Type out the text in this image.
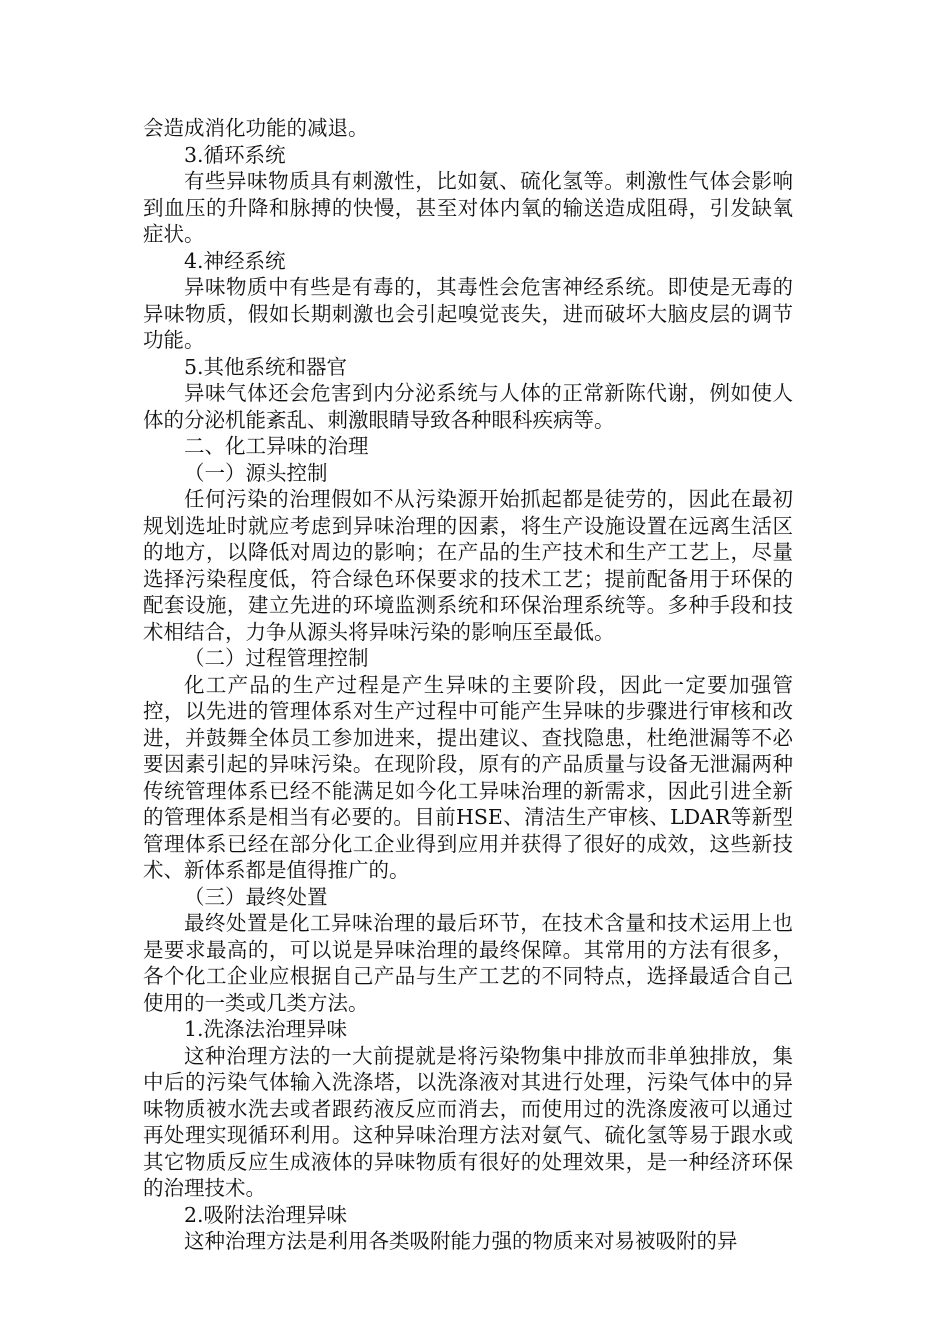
会造成消化功能的减退。

3.循环系统

有些异味物质具有刺激性，比如氨、硫化氢等。刺激性气体会影响到血压的升降和脉搏的快慢，甚至对体内氧的输送造成阻碍，引发缺氧症状。

4.神经系统

异味物质中有些是有毒的，其毒性会危害神经系统。即使是无毒的异味物质，假如长期刺激也会引起嗅觉丧失，进而破坏大脑皮层的调节功能。

5.其他系统和器官

异味气体还会危害到内分泌系统与人体的正常新陈代谢，例如使人体的分泌机能紊乱、刺激眼睛导致各种眼科疾病等。

二、化工异味的治理

（一）源头控制

任何污染的治理假如不从污染源开始抓起都是徒劳的，因此在最初规划选址时就应考虑到异味治理的因素，将生产设施设置在远离生活区的地方，以降低对周边的影响；在产品的生产技术和生产工艺上，尽量选择污染程度低，符合绿色环保要求的技术工艺；提前配备用于环保的配套设施，建立先进的环境监测系统和环保治理系统等。多种手段和技术相结合，力争从源头将异味污染的影响压至最低。

（二）过程管理控制

化工产品的生产过程是产生异味的主要阶段，因此一定要加强管控，以先进的管理体系对生产过程中可能产生异味的步骤进行审核和改进，并鼓舞全体员工参加进来，提出建议、查找隐患，杜绝泄漏等不必要因素引起的异味污染。在现阶段，原有的产品质量与设备无泄漏两种传统管理体系已经不能满足如今化工异味治理的新需求，因此引进全新的管理体系是相当有必要的。目前HSE、清洁生产审核、LDAR等新型管理体系已经在部分化工企业得到应用并获得了很好的成效，这些新技术、新体系都是值得推广的。

（三）最终处置

最终处置是化工异味治理的最后环节，在技术含量和技术运用上也是要求最高的，可以说是异味治理的最终保障。其常用的方法有很多，各个化工企业应根据自己产品与生产工艺的不同特点，选择最适合自己使用的一类或几类方法。

1.洗涤法治理异味

这种治理方法的一大前提就是将污染物集中排放而非单独排放，集中后的污染气体输入洗涤塔，以洗涤液对其进行处理，污染气体中的异味物质被水洗去或者跟药液反应而消去，而使用过的洗涤废液可以通过再处理实现循环利用。这种异味治理方法对氨气、硫化氢等易于跟水或其它物质反应生成液体的异味物质有很好的处理效果，是一种经济环保的治理技术。

2.吸附法治理异味

这种治理方法是利用各类吸附能力强的物质来对易被吸附的异
